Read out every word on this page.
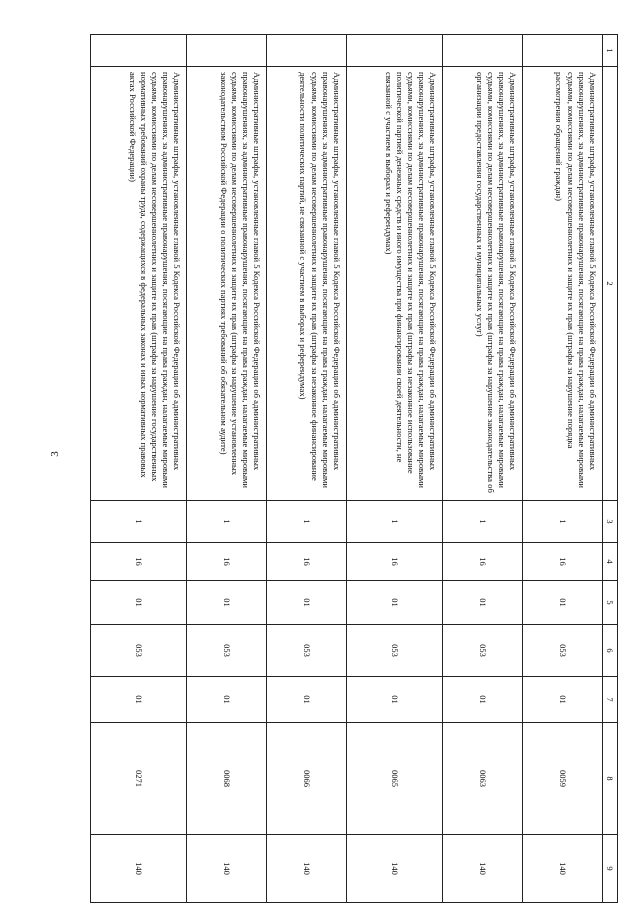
3
1	2	3	4	5	6	7	8	9
	Административные штрафы, установленные главой 5 Кодекса Российской Федерации об административных правонарушениях, за административные правонарушения, посягающие на права граждан, налагаемые мировыми судьями, комиссиями по делам несовершеннолетних и защите их прав (штрафы за нарушение порядка рассмотрения обращений граждан)	1	16	01	053	01	0059	140
	Административные штрафы, установленные главой 5 Кодекса Российской Федерации об административных правонарушениях, за административные правонарушения, посягающие на права граждан, налагаемые мировыми судьями, комиссиями по делам несовершеннолетних и защите их прав (штрафы за нарушение законодательства об организации предоставления государственных и муниципальных услуг)	1	16	01	053	01	0063	140
	Административные штрафы, установленные главой 5 Кодекса Российской Федерации об административных правонарушениях, за административные правонарушения, посягающие на права граждан, налагаемые мировыми судьями, комиссиями по делам несовершеннолетних и защите их прав (штрафы за незаконное использование политической партией денежных средств и иного имущества при финансировании своей деятельности, не связанной с участием в выборах и референдумах)	1	16	01	053	01	0065	140
	Административные штрафы, установленные главой 5 Кодекса Российской Федерации об административных правонарушениях, за административные правонарушения, посягающие на права граждан, налагаемые мировыми судьями, комиссиями по делам несовершеннолетних и защите их прав (штрафы за незаконное финансирование деятельности политических партий, не связанной с участием в выборах и референдумах)	1	16	01	053	01	0066	140
	Административные штрафы, установленные главой 5 Кодекса Российской Федерации об административных правонарушениях, за административные правонарушения, посягающие на права граждан, налагаемые мировыми судьями, комиссиями по делам несовершеннолетних и защите их прав (штрафы за нарушение установленных законодательством Российской Федерации о политических партиях требований об обязательном аудите)	1	16	01	053	01	0068	140
	Административные штрафы, установленные главой 5 Кодекса Российской Федерации об административных правонарушениях, за административные правонарушения, посягающие на права граждан, налагаемые мировыми судьями, комиссиями по делам несовершеннолетних и защите их прав (штрафы за нарушение государственных нормативных требований охраны труда, содержащихся в федеральных законах и иных нормативных правовых актах Российской Федерации)	1	16	01	053	01	0271	140
